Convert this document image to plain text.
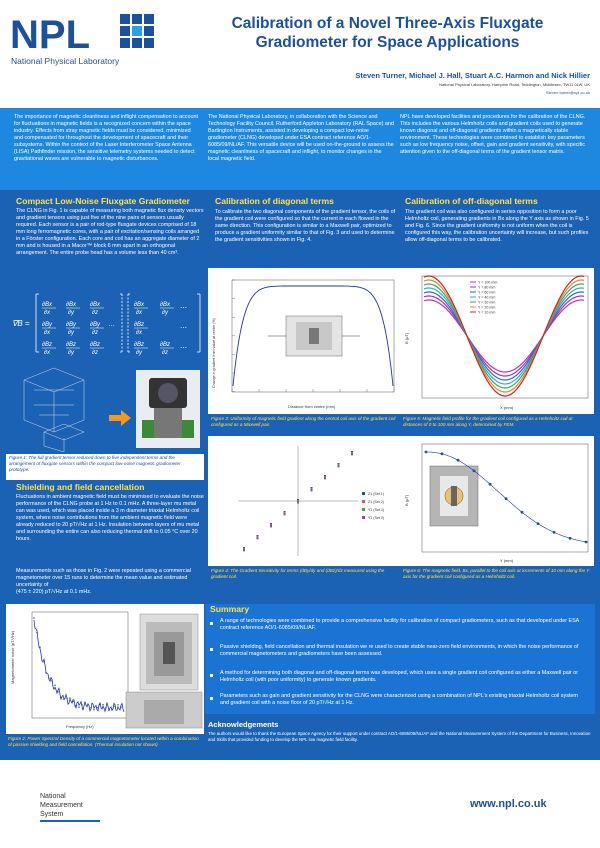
NPL
National Physical Laboratory
Calibration of a Novel Three-Axis Fluxgate
Gradiometer for Space Applications
Steven Turner, Michael J. Hall, Stuart A.C. Harmon and Nick Hillier
National Physical Laboratory, Hampton Road, Teddington, Middlesex, TW11 0LW, UK
Steven.turner@npl.co.uk
The importance of magnetic cleanliness and inflight compensation to account for fluctuations in magnetic fields is a recognized concern within the space industry. Effects from stray magnetic fields must be considered, minimized and compensated for throughout the development of spacecraft and their subsystems. Within the context of the Laser Interferometer Space Antenna (LISA) Pathfinder mission, the sensitive telemetry systems needed to detect gravitational waves are vulnerable to magnetic disturbances.
The National Physical Laboratory, in collaboration with the Science and Technology Facility Council, Rutherford Appleton Laboratory (RAL Space) and Bartington Instruments, assisted in developing a compact low-noise gradiometer (CLNG) developed under ESA contract reference AO/1-6085/09/NL/AF. This versatile device will be used on-the-ground to assess the magnetic cleanliness of spacecraft and inflight, to monitor changes in the local magnetic field.
NPL have developed facilities and procedures for the calibration of the CLNG. This includes the various Helmholtz coils and gradient coils used to generate known diagonal and off-diagonal gradients within a magnetically stable environment. These technologies were combined to establish key parameters such as low frequency noise, offset, gain and gradient sensitivity, with specific attention given to the off-diagonal terms of the gradient tensor matrix.
Compact Low-Noise Fluxgate Gradiometer
The CLNG in Fig. 1 is capable of measuring both magnetic flux density vectors and gradient tensors using just five of the nine pairs of sensors usually required. Each sensor is a pair of rod-type fluxgate devices comprised of 18 mm long ferromagnetic cores, with a pair of excitation/sensing coils arranged in a Förster configuration. Each core and coil has an aggregate diameter of 2 mm and is housed in a Macor™ block 6 mm apart in an orthogonal arrangement. The entire probe head has a volume less than 40 cm³.
∇B =
∂Bx
∂x
∂Bx
∂y
∂Bx
∂z
∂By
∂x
∂By
∂y
∂By
∂z
∂Bz
∂x
∂Bz
∂y
∂Bz
∂z
…
∂Bx
∂x
∂Bx
∂y
⋯
∂Bz
∂x
⋯
∂Bz
∂y
∂Bz
∂z
⋯
Figure 1: The full gradient tensor reduced down to five independent terms and the arrangement of fluxgate sensors within the compact low-noise magnetic gradiometer prototype.
Shielding and field cancellation
Fluctuations in ambient magnetic field must be minimised to evaluate the noise performance of the CLNG probe at 1 Hz to 0.1 mHz. A three-layer mu metal can was used, which was placed inside a 3 m diameter triaxial Helmholtz coil system, where noise contributions from the ambient magnetic field were already reduced to 20 pT/√Hz at 1 Hz. Insulation between layers of mu metal and surrounding the entire can also reducing thermal drift to 0.05 °C over 20 hours.
Measurements such as those in Fig. 2 were repeated using a commercial magnetometer over 15 runs to determine the mean value and estimated uncertainty of
(475 ± 220) pT/√Hz at 0.1 mHz.
Magnetometer noise (pT/√Hz)
Frequency (Hz)
Figure 2: Power Spectral Density of a commercial magnetometer located within a combination of passive shielding and field cancellation. (Thermal insulation not shown)
Calibration of diagonal terms
To calibrate the two diagonal components of the gradient tensor, the coils of the gradient coil were configured so that the current in each flowed in the same direction. This configuration is similar to a Maxwell pair, optimized to produce a gradient uniformity similar to that of Fig. 3 and used to determine the gradient sensitivities shown in Fig. 4.
Change in gradient from value at centre (%)
Distance from centre (mm)
Figure 3: Uniformity of magnetic field gradient along the central coil axis of the gradient coil configured as a Maxwell pair.
Z1 (Set 1)
Z1 (Set 2)
Y1 (Set 1)
Y1 (Set 2)
Figure 4: The Gradient Sensitivity for terms (dBy/dy and (dBz)/dz measured using the gradient coil.
Calibration of off-diagonal terms
The gradient coil was also configured in series opposition to form a poor Helmholtz coil, generating gradients in Bx along the Y axis as shown in Fig. 5 and Fig. 6. Since the gradient uniformity is not uniform when the coil is configured this way, the calibration uncertainty will increase, but such profiles allow off-diagonal terms to be calibrated.
B (µT)
X (mm)
Y = 100 mm
Y = 80 mm
Y = 60 mm
Y = 40 mm
Y = 30 mm
Y = 20 mm
Y = 10 mm
Figure 5: Magnetic field profile for the gradient coil configured as a Helmholtz coil at distances of 0 to 100 mm along Y, determined by FEM.
B (µT)
Y (mm)
Figure 6: The magnetic field, Bx, parallel to the coil axis at increments of 10 mm along the Y axis for the gradient coil configured as a Helmholtz coil.
Summary
A range of technologies were combined to provide a comprehensive facility for calibration of compact gradiometers, such as that developed under ESA contract reference AO/1-6085/09/NL/AF.
Passive shielding, field cancellation and thermal insulation we re used to create stable near-zero field environments, in which the noise performance of commercial magnetometers and gradiometers have been assessed.
A method for determining both diagonal and off-diagonal terms was developed, which uses a single gradient coil configured as either a Maxwell pair or Helmholtz coil (with poor uniformity) to generate known gradients.
Parameters such as gain and gradient sensitivity for the CLNG were characterized using a combination of NPL's existing triaxial Helmholtz coil system and gradient coil with a noise floor of 20 pT/√Hz at 1 Hz.
Acknowledgements
The authors would like to thank the European Space Agency for their support under contract AO/1-6085/09/NL/AF and the National Measurement System of the Department for Business, Innovation and Skills that provided funding to develop the NPL low magnetic field facility.
National
Measurement
System
www.npl.co.uk
